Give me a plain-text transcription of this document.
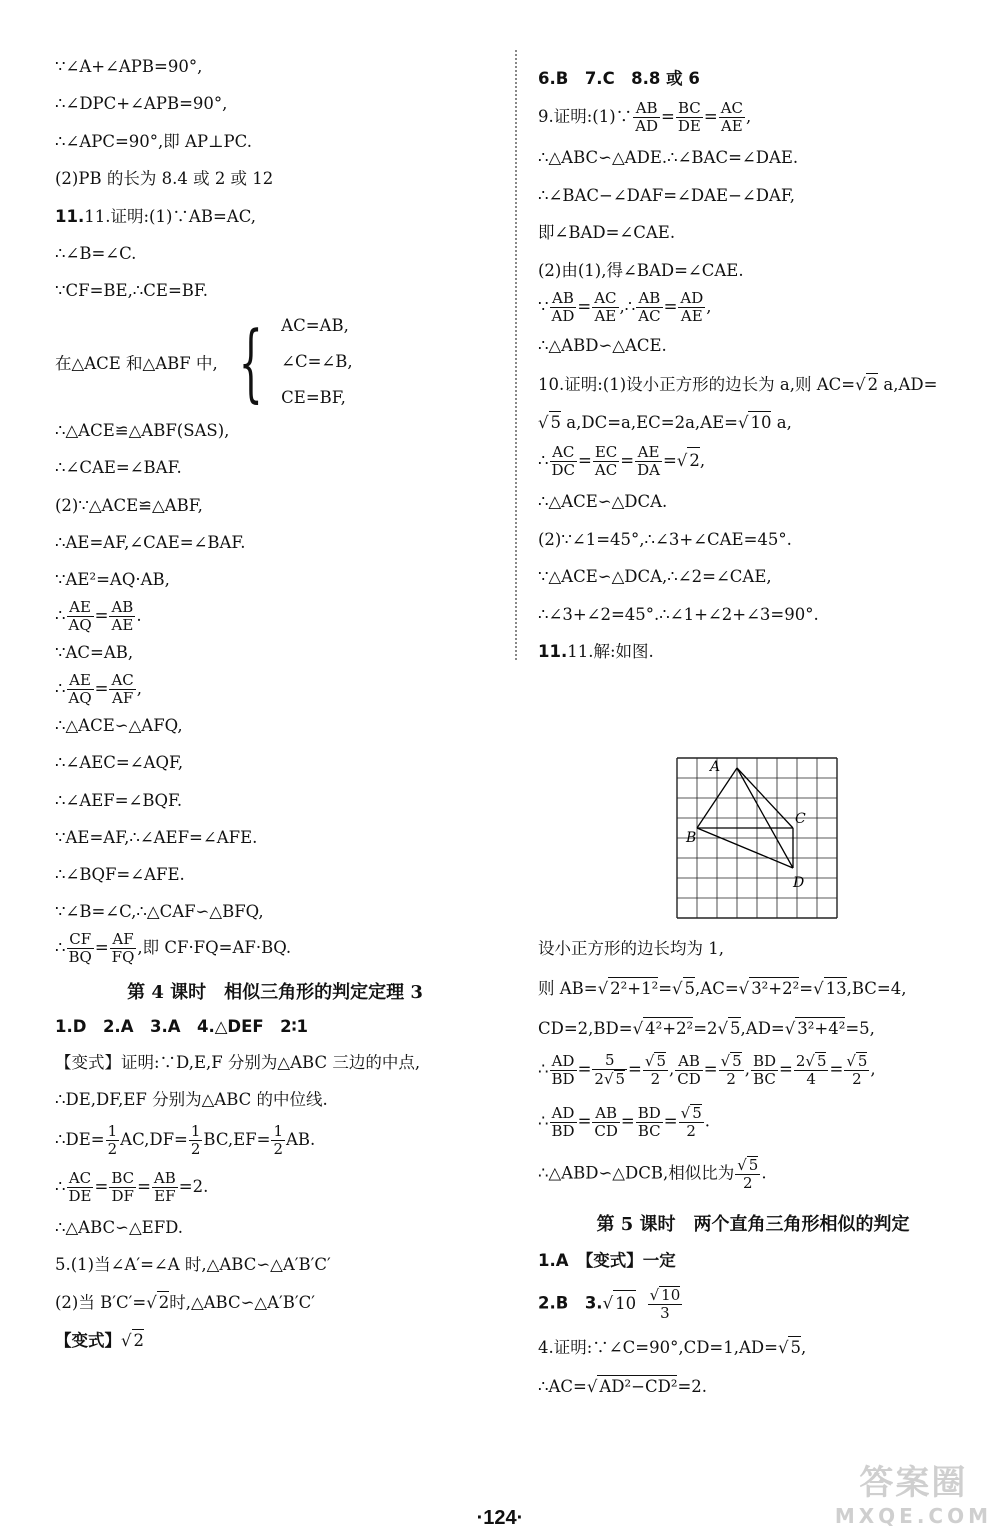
∵∠A+∠APB=90°,
∴∠DPC+∠APB=90°,
∴∠APC=90°,即 AP⊥PC.
(2)PB 的长为 8.4 或 2 或 12
11.11.证明:(1)∵AB=AC,
∴∠B=∠C.
∵CF=BE,∴CE=BF.
在△ACE 和△ABF 中, { AC=AB,
∠C=∠B,
CE=BF,
∴△ACE≌△ABF(SAS),
∴∠CAE=∠BAF.
(2)∵△ACE≌△ABF,
∴AE=AF,∠CAE=∠BAF.
∵AE²=AQ·AB,
∴ $\frac{AE}{AQ} = \frac{AB}{AE}$ .
∵AC=AB,
∴ $\frac{AE}{AQ} = \frac{AC}{AF}$ ,
∴△ACE∽△AFQ,
∴∠AEC=∠AQF,
∴∠AEF=∠BQF.
∵AE=AF,∴∠AEF=∠AFE.
∴∠BQF=∠AFE.
∵∠B=∠C,∴△CAF∽△BFQ,
∴ $\frac{CF}{BQ} = \frac{AF}{FQ}$ ,即 CF·FQ=AF·BQ.
第 4 课时　相似三角形的判定定理 3
1.D　2.A　3.A　4.△DEF　2∶1
【变式】证明:∵D,E,F 分别为△ABC 三边的中点,
∴DE,DF,EF 分别为△ABC 的中位线.
∴DE= $\frac{1}{2} AC,DF= \frac{1}{2} BC,EF= \frac{1}{2}$ AB.
∴ $\frac{AC}{DE} = \frac{BC}{DF} = \frac{AB}{EF} =2$.
∴△ABC∽△EFD.
5.(1)当∠A′=∠A 时,△ABC∽△A′B′C′
(2)当 B′C′=√ 2时,△ABC∽△A′B′C′
【变式】√ 2
6.B　7.C　8.8 或 6
9.证明:(1)∵ $\frac{AB}{AD} = \frac{BC}{DE} = \frac{AC}{AE}$ ,
∴△ABC∽△ADE.∴∠BAC=∠DAE.
∴∠BAC−∠DAF=∠DAE−∠DAF,
即∠BAD=∠CAE.
(2)由(1),得∠BAD=∠CAE.
∵ $\frac{AB}{AD} = \frac{AC}{AE}$ ,∴ $\frac{AB}{AC} = \frac{AD}{AE}$ ,
∴△ABD∽△ACE.
10.证明:(1)设小正方形的边长为 a,则 AC=√ 2 a,AD=
√ 5 a,DC=a,EC=2a,AE=√ 10 a,
∴ $\frac{AC}{DC} = \frac{EC}{AC} = \frac{AE}{DA}$ =√ 2,
∴△ACE∽△DCA.
(2)∵∠1=45°,∴∠3+∠CAE=45°.
∵△ACE∽△DCA,∴∠2=∠CAE,
∴∠3+∠2=45°.∴∠1+∠2+∠3=90°.
11.11.解:如图.
A
B
C
D
设小正方形的边长均为 1,
则 AB=√ 2²+1²=√ 5,AC=√ 3²+2²=√ 13,BC=4,
CD=2,BD=√ 4²+2²=2√ 5,AD=√ 3²+4²=5,
∴ $\frac{AD}{BD} = \frac{5}{2√ 5} = \frac{√ 5}{2}$ , $\frac{AB}{CD} = \frac{√ 5}{2}$ , $\frac{BD}{BC} = \frac{2√ 5}{4} = \frac{√ 5}{2}$ ,
∴ $\frac{AD}{BD} = \frac{AB}{CD} = \frac{BD}{BC} = \frac{√ 5}{2}$ .
∴△ABD∽△DCB,相似比为 $\frac{√ 5}{2}$ .
第 5 课时　两个直角三角形相似的判定
1.A　【变式】一定
2.B　3.√ $10 \frac{√ 10}{3}$
4.证明:∵∠C=90°,CD=1,AD=√ 5,
∴AC=√ AD²−CD²=2.
·124·
答案圈
MXQE.COM
